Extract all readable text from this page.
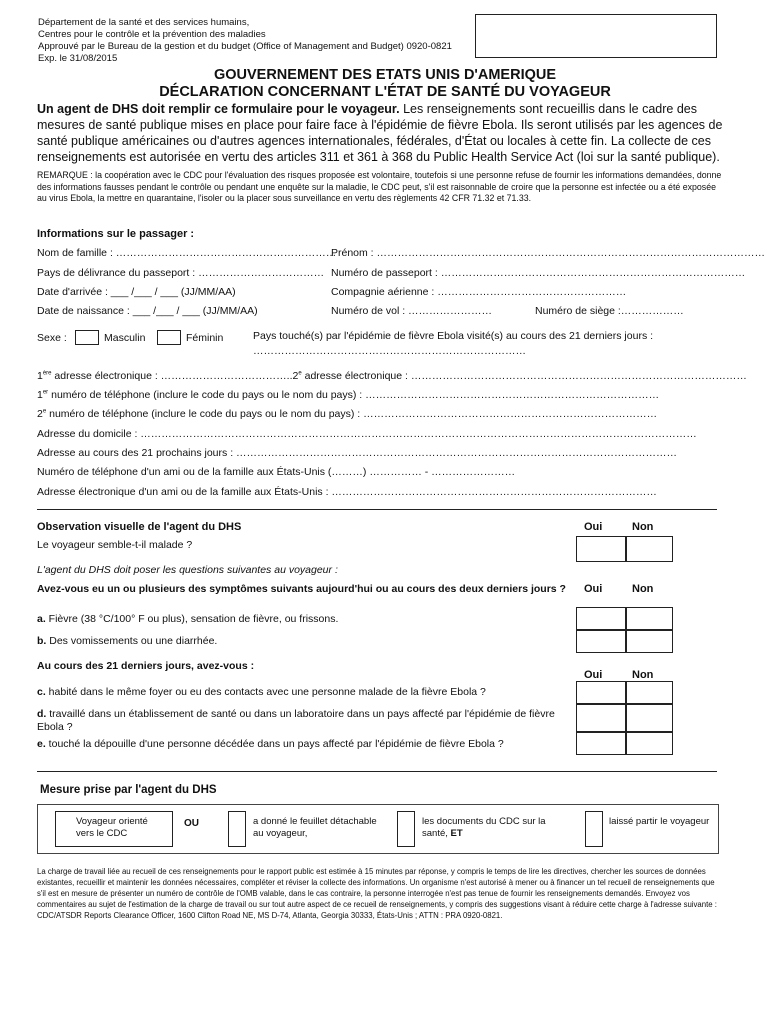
Département de la santé et des services humains,
Centres pour le contrôle et la prévention des maladies
Approuvé par le Bureau de la gestion et du budget (Office of Management and Budget) 0920-0821
Exp. le 31/08/2015
GOUVERNEMENT DES ETATS UNIS D'AMERIQUE
DÉCLARATION CONCERNANT L'ÉTAT DE SANTÉ DU VOYAGEUR
Un agent de DHS doit remplir ce formulaire pour le voyageur. Les renseignements sont recueillis dans le cadre des mesures de santé publique mises en place pour faire face à l'épidémie de fièvre Ebola. Ils seront utilisés par les agences de santé publique américaines ou d'autres agences internationales, fédérales, d'État ou locales à cette fin. La collecte de ces renseignements est autorisée en vertu des articles 311 et 361 à 368 du Public Health Service Act (loi sur la santé publique).
REMARQUE : la coopération avec le CDC pour l'évaluation des risques proposée est volontaire, toutefois si une personne refuse de fournir les informations demandées, donne des informations fausses pendant le contrôle ou pendant une enquête sur la maladie, le CDC peut, s'il est raisonnable de croire que la personne est infectée ou a été exposée au virus Ebola, la mettre en quarantaine, l'isoler ou la placer sous surveillance en vertu des règlements 42 CFR 71.32 et 71.33.
Informations sur le passager :
Nom de famille : ………………………………………………………
Prénom : …………………………………………………………………………………………………
Pays de délivrance du passeport : ……………………………… Numéro de passeport : ……………………………………………………………………………
Date d'arrivée : ___ /___ / ___ (JJ/MM/AA)	Compagnie aérienne : ………………………………………………
Date de naissance : ___ /___ / ___ (JJ/MM/AA)	Numéro de vol : ……………………	Numéro de siège :………………
Sexe :	Masculin	Féminin	Pays touché(s) par l'épidémie de fièvre Ebola visité(s) au cours des 21 derniers jours :
……………………………………………………………………
1ère adresse électronique : ………………………………..2e adresse électronique : ……………………………………………………………………………………
1er numéro de téléphone (inclure le code du pays ou le nom du pays) : …………………………………………………………………………
2e numéro de téléphone (inclure le code du pays ou le nom du pays) : …………………………………………………………………………
Adresse du domicile : ……………………………………………………………………………………………………………………………………………
Adresse au cours des 21 prochains jours : ………………………………………………………………………………………………………………
Numéro de téléphone d'un ami ou de la famille aux États-Unis (………) …………… - ……………………
Adresse électronique d'un ami ou de la famille aux États-Unis : …………………………………………………………………………………
Observation visuelle de l'agent du DHS	Oui	Non
Le voyageur semble-t-il malade ?
L'agent du DHS doit poser les questions suivantes au voyageur :
Avez-vous eu un ou plusieurs des symptômes suivants aujourd'hui ou au cours des deux derniers jours ?	Oui	Non
a. Fièvre (38 °C/100° F ou plus), sensation de fièvre, ou frissons.
b. Des vomissements ou une diarrhée.
Au cours des 21 derniers jours, avez-vous :
Oui	Non
c. habité dans le même foyer ou eu des contacts avec une personne malade de la fièvre Ebola ?
d. travaillé dans un établissement de santé ou dans un laboratoire dans un pays affecté par l'épidémie de fièvre Ebola ?
e. touché la dépouille d'une personne décédée dans un pays affecté par l'épidémie de fièvre Ebola ?
Mesure prise par l'agent du DHS
Voyageur orienté vers le CDC
OU	a donné le feuillet détachable au voyageur,
les documents du CDC sur la santé, ET
laissé partir le voyageur
La charge de travail liée au recueil de ces renseignements pour le rapport public est estimée à 15 minutes par réponse, y compris le temps de lire les directives, chercher les sources de données existantes, recueillir et maintenir les données nécessaires, compléter et réviser la collecte des informations. Un organisme n'est autorisé à mener ou à financer un tel recueil de renseignements que s'il est en mesure de présenter un numéro de contrôle de l'OMB valable, dans le cas contraire, la personne interrogée n'est pas tenue de fournir les renseignements demandés. Envoyez vos commentaires au sujet de l'estimation de la charge de travail ou sur tout autre aspect de ce recueil de renseignements, y compris des suggestions visant à réduire cette charge à l'adresse suivante : CDC/ATSDR Reports Clearance Officer, 1600 Clifton Road NE, MS D-74, Atlanta, Georgia 30333, États-Unis ; ATTN : PRA 0920-0821.
